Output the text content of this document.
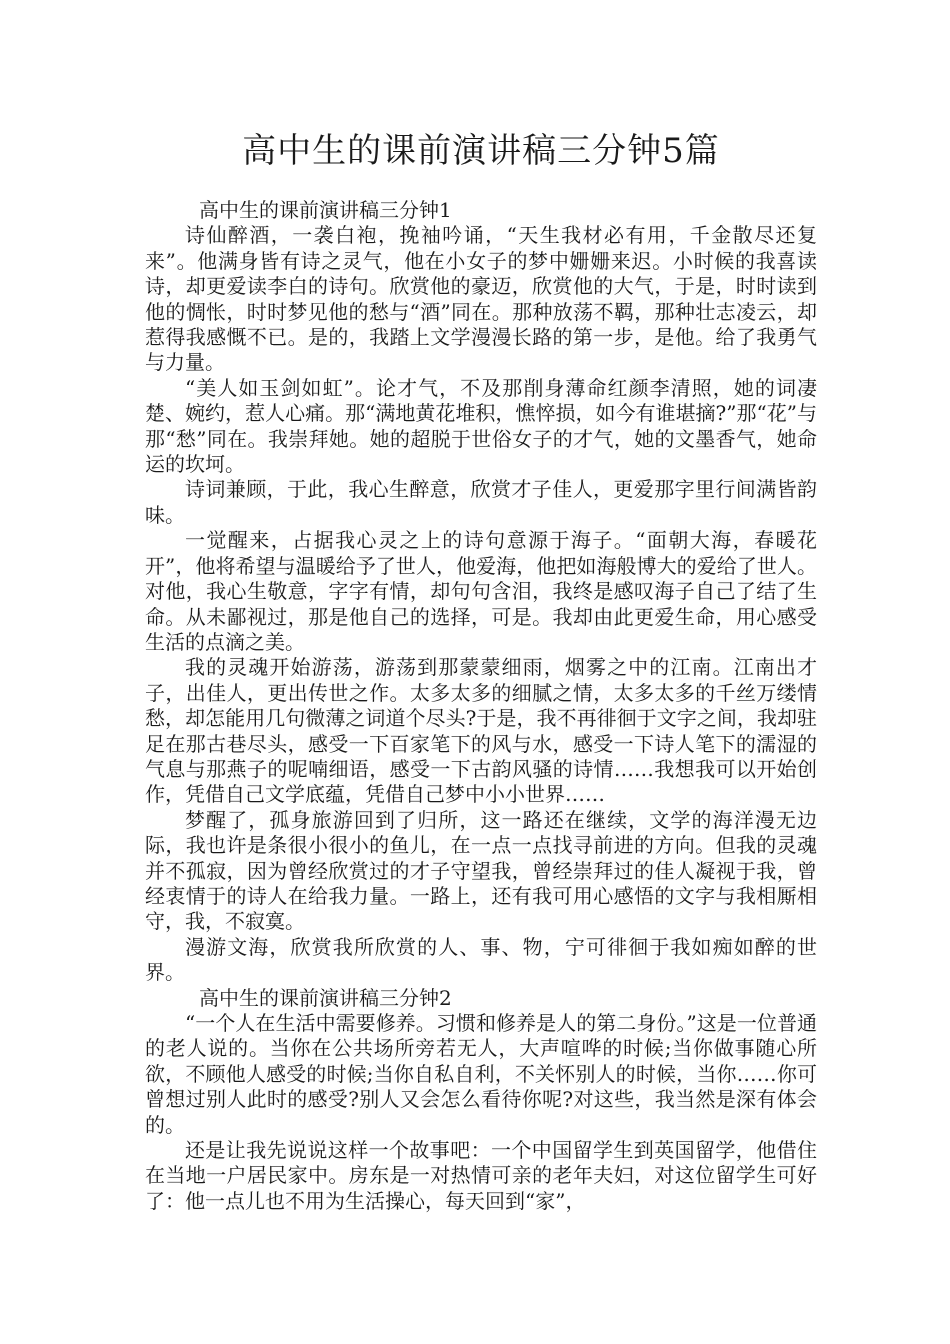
高中生的课前演讲稿三分钟5篇

高中生的课前演讲稿三分钟1

诗仙醉酒，一袭白袍，挽袖吟诵，“天生我材必有用，千金散尽还复来”。他满身皆有诗之灵气，他在小女子的梦中姗姗来迟。小时候的我喜读诗，却更爱读李白的诗句。欣赏他的豪迈，欣赏他的大气，于是，时时读到他的惆怅，时时梦见他的愁与“酒”同在。那种放荡不羁，那种壮志凌云，却惹得我感慨不已。是的，我踏上文学漫漫长路的第一步，是他。给了我勇气与力量。

“美人如玉剑如虹”。论才气，不及那削身薄命红颜李清照，她的词凄楚、婉约，惹人心痛。那“满地黄花堆积，憔悴损，如今有谁堪摘?”那“花”与那“愁”同在。我崇拜她。她的超脱于世俗女子的才气，她的文墨香气，她命运的坎坷。

诗词兼顾，于此，我心生醉意，欣赏才子佳人，更爱那字里行间满皆韵味。

一觉醒来，占据我心灵之上的诗句意源于海子。“面朝大海，春暖花开”，他将希望与温暖给予了世人，他爱海，他把如海般博大的爱给了世人。对他，我心生敬意，字字有情，却句句含泪，我终是感叹海子自己了结了生命。从未鄙视过，那是他自己的选择，可是。我却由此更爱生命，用心感受生活的点滴之美。

我的灵魂开始游荡，游荡到那蒙蒙细雨，烟雾之中的江南。江南出才子，出佳人，更出传世之作。太多太多的细腻之情，太多太多的千丝万缕情愁，却怎能用几句微薄之词道个尽头?于是，我不再徘徊于文字之间，我却驻足在那古巷尽头，感受一下百家笔下的风与水，感受一下诗人笔下的濡湿的气息与那燕子的呢喃细语，感受一下古韵风骚的诗情……我想我可以开始创作，凭借自己文学底蕴，凭借自己梦中小小世界……

梦醒了，孤身旅游回到了归所，这一路还在继续，文学的海洋漫无边际，我也许是条很小很小的鱼儿，在一点一点找寻前进的方向。但我的灵魂并不孤寂，因为曾经欣赏过的才子守望我，曾经崇拜过的佳人凝视于我，曾经衷情于的诗人在给我力量。一路上，还有我可用心感悟的文字与我相厮相守，我，不寂寞。

漫游文海，欣赏我所欣赏的人、事、物，宁可徘徊于我如痴如醉的世界。

高中生的课前演讲稿三分钟2

“一个人在生活中需要修养。习惯和修养是人的第二身份。”这是一位普通的老人说的。当你在公共场所旁若无人，大声喧哗的时候;当你做事随心所欲，不顾他人感受的时候;当你自私自利，不关怀别人的时候，当你……你可曾想过别人此时的感受?别人又会怎么看待你呢?对这些，我当然是深有体会的。

还是让我先说说这样一个故事吧：一个中国留学生到英国留学，他借住在当地一户居民家中。房东是一对热情可亲的老年夫妇，对这位留学生可好了：他一点儿也不用为生活操心，每天回到“家”，
